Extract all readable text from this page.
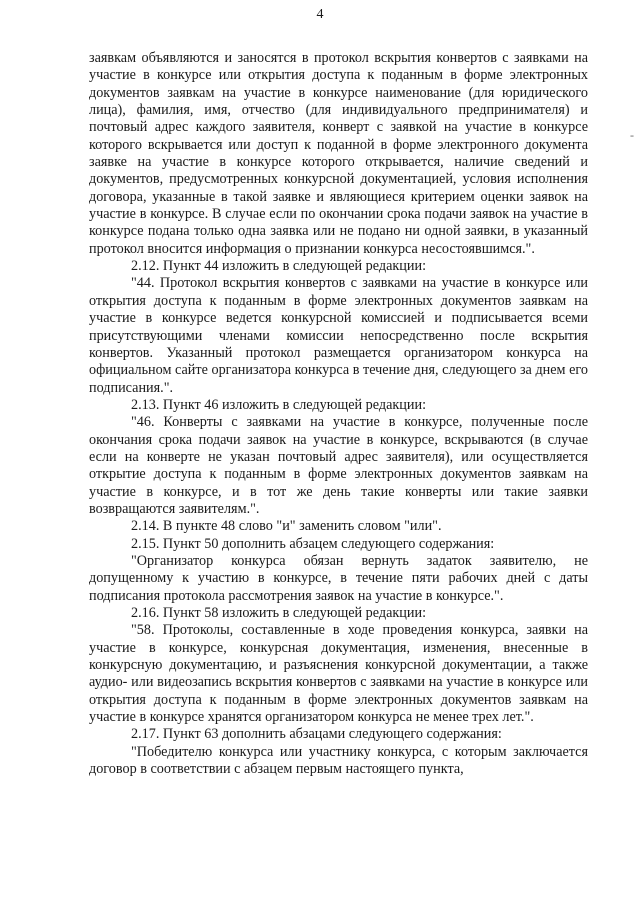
4
-

заявкам объявляются и заносятся в протокол вскрытия конвертов с заявками на участие в конкурсе или открытия доступа к поданным в форме электронных документов заявкам на участие в конкурсе наименование (для юридического лица), фамилия, имя, отчество (для индивидуального предпринимателя) и почтовый адрес каждого заявителя, конверт с заявкой на участие в конкурсе которого вскрывается или доступ к поданной в форме электронного документа заявке на участие в конкурсе которого открывается, наличие сведений и документов, предусмотренных конкурсной документацией, условия исполнения договора, указанные в такой заявке и являющиеся критерием оценки заявок на участие в конкурсе. В случае если по окончании срока подачи заявок на участие в конкурсе подана только одна заявка или не подано ни одной заявки, в указанный протокол вносится информация о признании конкурса несостоявшимся.".

2.12. Пункт 44 изложить в следующей редакции:

"44. Протокол вскрытия конвертов с заявками на участие в конкурсе или открытия доступа к поданным в форме электронных документов заявкам на участие в конкурсе ведется конкурсной комиссией и подписывается всеми присутствующими членами комиссии непосредственно после вскрытия конвертов. Указанный протокол размещается организатором конкурса на официальном сайте организатора конкурса в течение дня, следующего за днем его подписания.".

2.13. Пункт 46 изложить в следующей редакции:

"46. Конверты с заявками на участие в конкурсе, полученные после окончания срока подачи заявок на участие в конкурсе, вскрываются (в случае если на конверте не указан почтовый адрес заявителя), или осуществляется открытие доступа к поданным в форме электронных документов заявкам на участие в конкурсе, и в тот же день такие конверты или такие заявки возвращаются заявителям.".

2.14. В пункте 48 слово "и" заменить словом "или".

2.15. Пункт 50 дополнить абзацем следующего содержания:

"Организатор конкурса обязан вернуть задаток заявителю, не допущенному к участию в конкурсе, в течение пяти рабочих дней с даты подписания протокола рассмотрения заявок на участие в конкурсе.".

2.16. Пункт 58 изложить в следующей редакции:

"58. Протоколы, составленные в ходе проведения конкурса, заявки на участие в конкурсе, конкурсная документация, изменения, внесенные в конкурсную документацию, и разъяснения конкурсной документации, а также аудио- или видеозапись вскрытия конвертов с заявками на участие в конкурсе или открытия доступа к поданным в форме электронных документов заявкам на участие в конкурсе хранятся организатором конкурса не менее трех лет.".

2.17. Пункт 63 дополнить абзацами следующего содержания:

"Победителю конкурса или участнику конкурса, с которым заключается договор в соответствии с абзацем первым настоящего пункта,
